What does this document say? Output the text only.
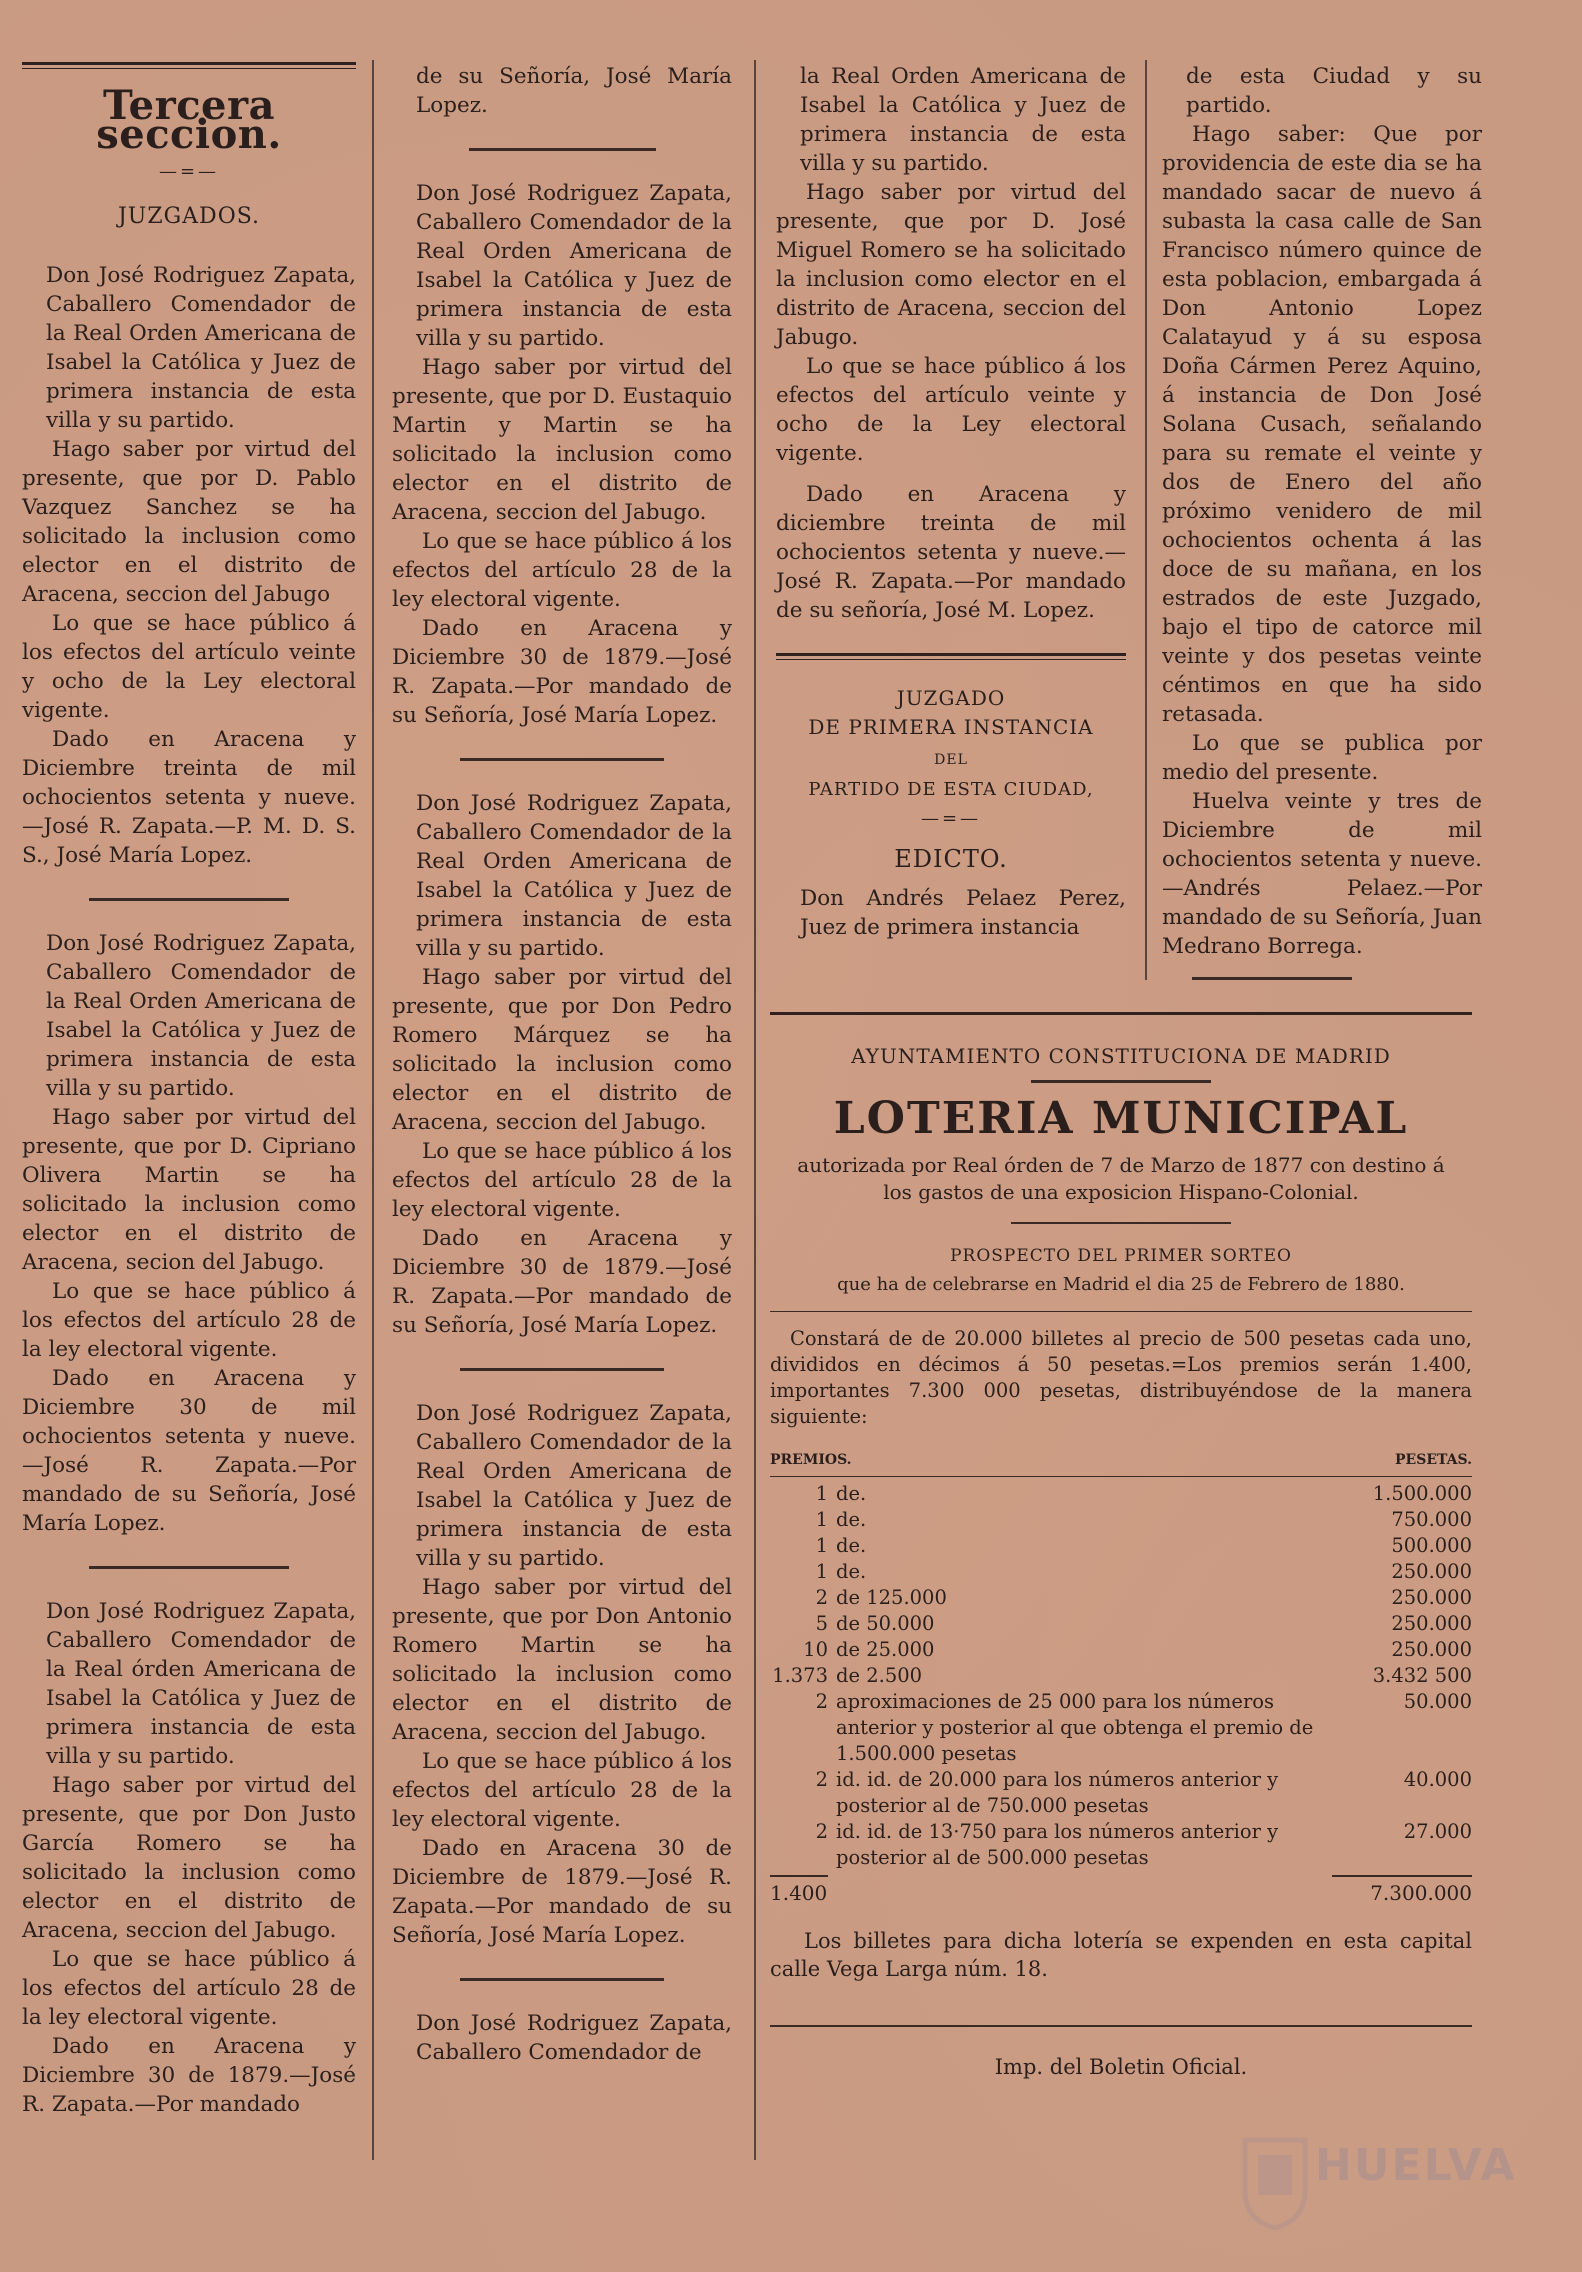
Tercera seccion.
—=—
JUZGADOS.

Don José Rodriguez Zapata, Caballero Comendador de la Real Orden Americana de Isabel la Católica y Juez de primera instancia de esta villa y su partido.

Hago saber por virtud del presente, que por D. Pablo Vazquez Sanchez se ha solicitado la inclusion como elector en el distrito de Aracena, seccion del Jabugo

Lo que se hace público á los efectos del artículo veinte y ocho de la Ley electoral vigente.

Dado en Aracena y Diciembre treinta de mil ochocientos setenta y nueve.—José R. Zapata.—P. M. D. S. S., José María Lopez.

Don José Rodriguez Zapata, Caballero Comendador de la Real Orden Americana de Isabel la Católica y Juez de primera instancia de esta villa y su partido.

Hago saber por virtud del presente, que por D. Cipriano Olivera Martin se ha solicitado la inclusion como elector en el distrito de Aracena, secion del Jabugo.

Lo que se hace público á los efectos del artículo 28 de la ley electoral vigente.

Dado en Aracena y Diciembre 30 de mil ochocientos setenta y nueve.—José R. Zapata.—Por mandado de su Señoría, José María Lopez.

Don José Rodriguez Zapata, Caballero Comendador de la Real órden Americana de Isabel la Católica y Juez de primera instancia de esta villa y su partido.

Hago saber por virtud del presente, que por Don Justo García Romero se ha solicitado la inclusion como elector en el distrito de Aracena, seccion del Jabugo.

Lo que se hace público á los efectos del artículo 28 de la ley electoral vigente.

Dado en Aracena y Diciembre 30 de 1879.—José R. Zapata.—Por mandado

de su Señoría, José María Lopez.

Don José Rodriguez Zapata, Caballero Comendador de la Real Orden Americana de Isabel la Católica y Juez de primera instancia de esta villa y su partido.

Hago saber por virtud del presente, que por D. Eustaquio Martin y Martin se ha solicitado la inclusion como elector en el distrito de Aracena, seccion del Jabugo.

Lo que se hace público á los efectos del artículo 28 de la ley electoral vigente.

Dado en Aracena y Diciembre 30 de 1879.—José R. Zapata.—Por mandado de su Señoría, José María Lopez.

Don José Rodriguez Zapata, Caballero Comendador de la Real Orden Americana de Isabel la Católica y Juez de primera instancia de esta villa y su partido.

Hago saber por virtud del presente, que por Don Pedro Romero Márquez se ha solicitado la inclusion como elector en el distrito de Aracena, seccion del Jabugo.

Lo que se hace público á los efectos del artículo 28 de la ley electoral vigente.

Dado en Aracena y Diciembre 30 de 1879.—José R. Zapata.—Por mandado de su Señoría, José María Lopez.

Don José Rodriguez Zapata, Caballero Comendador de la Real Orden Americana de Isabel la Católica y Juez de primera instancia de esta villa y su partido.

Hago saber por virtud del presente, que por Don Antonio Romero Martin se ha solicitado la inclusion como elector en el distrito de Aracena, seccion del Jabugo.

Lo que se hace público á los efectos del artículo 28 de la ley electoral vigente.

Dado en Aracena 30 de Diciembre de 1879.—José R. Zapata.—Por mandado de su Señoría, José María Lopez.

Don José Rodriguez Zapata, Caballero Comendador de

la Real Orden Americana de Isabel la Católica y Juez de primera instancia de esta villa y su partido.

Hago saber por virtud del presente, que por D. José Miguel Romero se ha solicitado la inclusion como elector en el distrito de Aracena, seccion del Jabugo.

Lo que se hace público á los efectos del artículo veinte y ocho de la Ley electoral vigente.

Dado en Aracena y diciembre treinta de mil ochocientos setenta y nueve.—José R. Zapata.—Por mandado de su señoría, José M. Lopez.

JUZGADO
DE PRIMERA INSTANCIA
DEL
PARTIDO DE ESTA CIUDAD,
—=—
EDICTO.

Don Andrés Pelaez Perez, Juez de primera instancia

de esta Ciudad y su partido.

Hago saber: Que por providencia de este dia se ha mandado sacar de nuevo á subasta la casa calle de San Francisco número quince de esta poblacion, embargada á Don Antonio Lopez Calatayud y á su esposa Doña Cármen Perez Aquino, á instancia de Don José Solana Cusach, señalando para su remate el veinte y dos de Enero del año próximo venidero de mil ochocientos ochenta á las doce de su mañana, en los estrados de este Juzgado, bajo el tipo de catorce mil veinte y dos pesetas veinte céntimos en que ha sido retasada.

Lo que se publica por medio del presente.

Huelva veinte y tres de Diciembre de mil ochocientos setenta y nueve.—Andrés Pelaez.—Por mandado de su Señoría, Juan Medrano Borrega.

AYUNTAMIENTO CONSTITUCIONA DE MADRID
LOTERIA MUNICIPAL
autorizada por Real órden de 7 de Marzo de 1877 con destino á los gastos de una exposicion Hispano-Colonial.
PROSPECTO DEL PRIMER SORTEO
que ha de celebrarse en Madrid el dia 25 de Febrero de 1880.
Constará de de 20.000 billetes al precio de 500 pesetas cada uno, divididos en décimos á 50 pesetas.=Los premios serán 1.400, importantes 7.300 000 pesetas, distribuyéndose de la manera siguiente:
PREMIOS.	PESETAS.
1	de.	1.500.000
1	de.	750.000
1	de.	500.000
1	de.	250.000
2	de 125.000	250.000
5	de 50.000	250.000
10	de 25.000	250.000
1.373	de 2.500	3.432 500
2	aproximaciones de 25 000 para los números anterior y posterior al que obtenga el premio de 1.500.000 pesetas	50.000
2	id. id. de 20.000 para los números anterior y posterior al de 750.000 pesetas	40.000
2	id. id. de 13·750 para los números anterior y posterior al de 500.000 pesetas	27.000
1.400	7.300.000
Los billetes para dicha lotería se expenden en esta capital calle Vega Larga núm. 18.
Imp. del Boletin Oficial.
HUELVA
